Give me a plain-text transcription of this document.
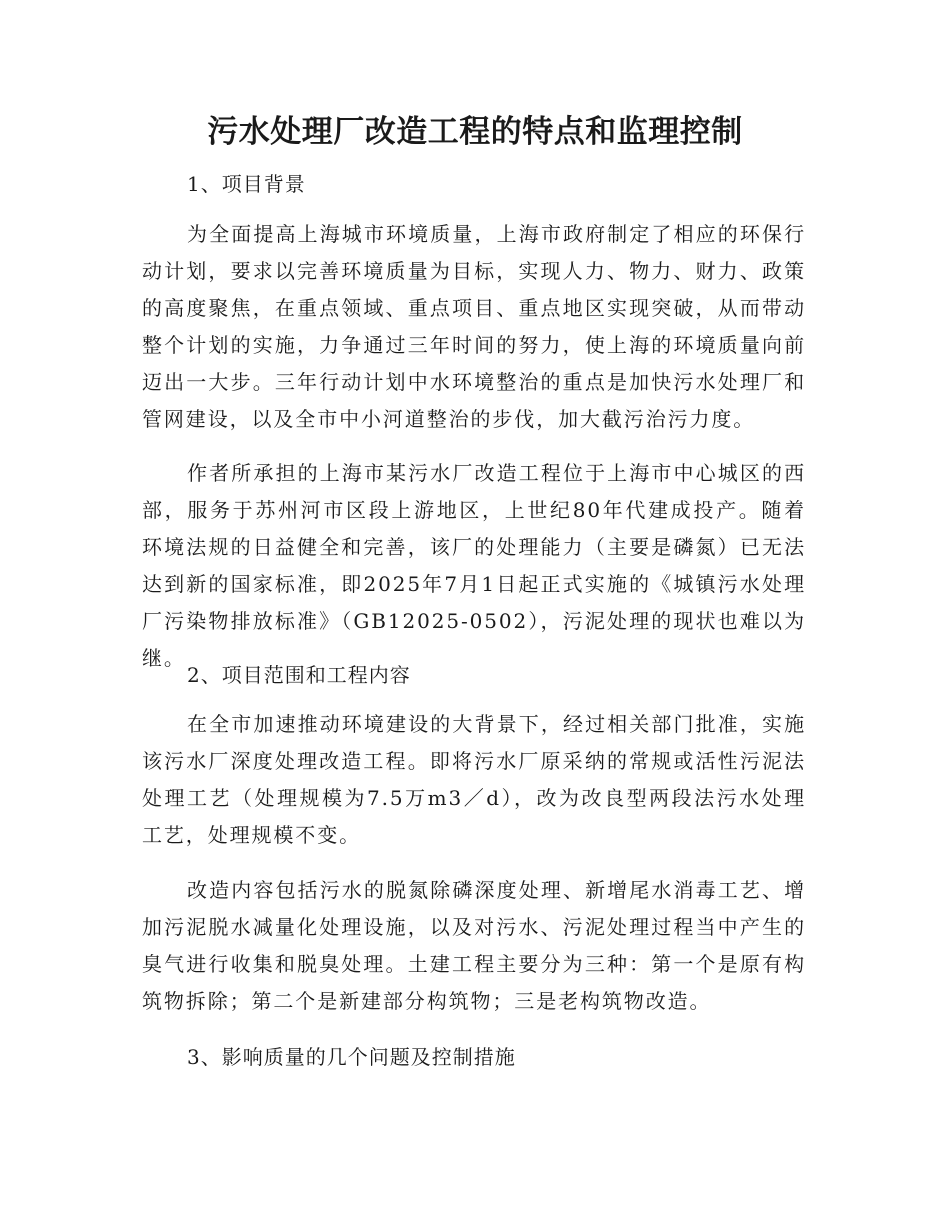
污水处理厂改造工程的特点和监理控制

1、项目背景

为全面提高上海城市环境质量，上海市政府制定了相应的环保行动计划，要求以完善环境质量为目标，实现人力、物力、财力、政策的高度聚焦，在重点领域、重点项目、重点地区实现突破，从而带动整个计划的实施，力争通过三年时间的努力，使上海的环境质量向前迈出一大步。三年行动计划中水环境整治的重点是加快污水处理厂和管网建设，以及全市中小河道整治的步伐，加大截污治污力度。

作者所承担的上海市某污水厂改造工程位于上海市中心城区的西部，服务于苏州河市区段上游地区，上世纪80年代建成投产。随着环境法规的日益健全和完善，该厂的处理能力（主要是磷氮）已无法达到新的国家标准，即2025年7月1日起正式实施的《城镇污水处理厂污染物排放标准》（GB12025-0502），污泥处理的现状也难以为继。

2、项目范围和工程内容

在全市加速推动环境建设的大背景下，经过相关部门批准，实施该污水厂深度处理改造工程。即将污水厂原采纳的常规或活性污泥法处理工艺（处理规模为7.5万m3／d），改为改良型两段法污水处理工艺，处理规模不变。

改造内容包括污水的脱氮除磷深度处理、新增尾水消毒工艺、增加污泥脱水减量化处理设施，以及对污水、污泥处理过程当中产生的臭气进行收集和脱臭处理。土建工程主要分为三种：第一个是原有构筑物拆除；第二个是新建部分构筑物；三是老构筑物改造。

3、影响质量的几个问题及控制措施
